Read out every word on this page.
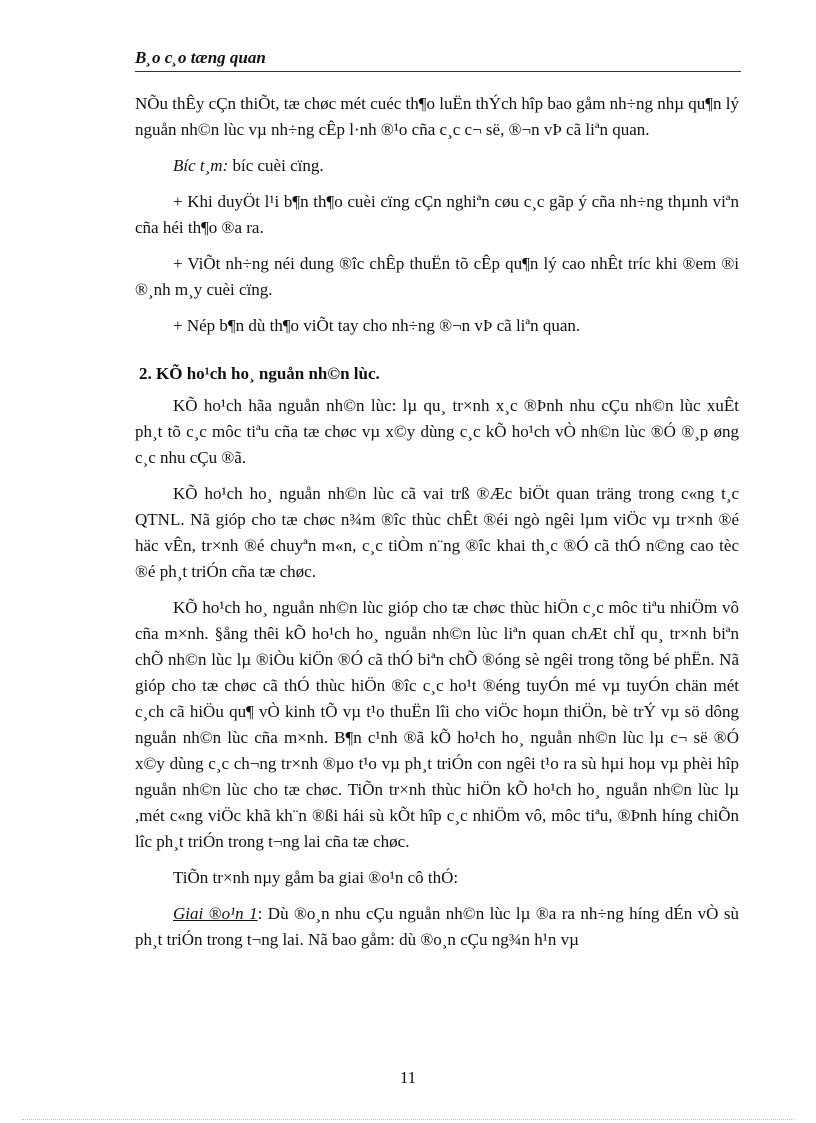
B¸o c¸o tæng quan

NÕu thÊy cÇn thiÕt, tæ chøc mét cuéc th¶o luËn thÝch hîp bao gåm nh÷ng nhµ qu¶n lý nguån nh©n lùc vµ nh÷ng cÊp l·nh ®¹o cña c¸c c¬ së, ®¬n vÞ cã liªn quan.

Bíc t¸m: bíc cuèi cïng.

+ Khi duyÖt l¹i b¶n th¶o cuèi cïng cÇn nghiªn cøu c¸c gãp ý cña nh÷ng thµnh viªn cña héi th¶o ®a ra.

+ ViÕt nh÷ng néi dung ®îc chÊp thuËn tõ cÊp qu¶n lý cao nhÊt tríc khi ®em ®i ®¸nh m¸y cuèi cïng.

+ Nép b¶n dù th¶o viÕt tay cho nh÷ng ®¬n vÞ cã liªn quan.

2. KÕ ho¹ch ho¸ nguån nh©n lùc.

KÕ ho¹ch hãa nguån nh©n lùc: lµ qu¸ tr×nh x¸c ®Þnh nhu cÇu nh©n lùc xuÊt ph¸t tõ c¸c môc tiªu cña tæ chøc vµ x©y dùng c¸c kÕ ho¹ch vÒ nh©n lùc ®Ó ®¸p øng c¸c nhu cÇu ®ã.

KÕ ho¹ch ho¸ nguån nh©n lùc cã vai trß ®Æc biÖt quan träng trong c«ng t¸c QTNL. Nã gióp cho tæ chøc n¾m ®îc thùc chÊt ®éi ngò ngêi lµm viÖc vµ tr×nh ®é häc vÊn, tr×nh ®é chuyªn m«n, c¸c tiÒm n¨ng ®îc khai th¸c ®Ó cã thÓ n©ng cao tèc ®é ph¸t triÓn cña tæ chøc.

KÕ ho¹ch ho¸ nguån nh©n lùc gióp cho tæ chøc thùc hiÖn c¸c môc tiªu nhiÖm vô cña m×nh. §ång thêi kÕ ho¹ch ho¸ nguån nh©n lùc liªn quan chÆt chÏ qu¸ tr×nh biªn chÕ nh©n lùc lµ ®iÒu kiÖn ®Ó cã thÓ biªn chÕ ®óng sè ngêi trong tõng bé phËn. Nã gióp cho tæ chøc cã thÓ thùc hiÖn ®îc c¸c ho¹t ®éng tuyÓn mé vµ tuyÓn chän mét c¸ch cã hiÖu qu¶ vÒ kinh tÕ vµ t¹o thuËn lîi cho viÖc hoµn thiÖn, bè trÝ vµ sö dông nguån nh©n lùc cña m×nh. B¶n c¹nh ®ã kÕ ho¹ch ho¸ nguån nh©n lùc lµ c¬ së ®Ó x©y dùng c¸c ch¬ng tr×nh ®µo t¹o vµ ph¸t triÓn con ngêi t¹o ra sù hµi hoµ vµ phèi hîp nguån nh©n lùc cho tæ chøc. TiÕn tr×nh thùc hiÖn kÕ ho¹ch ho¸ nguån nh©n lùc lµ ,mét c«ng viÖc khã kh¨n ®ßi hái sù kÕt hîp c¸c nhiÖm vô, môc tiªu, ®Þnh híng chiÕn lîc ph¸t triÓn trong t¬ng lai cña tæ chøc.

TiÕn tr×nh nµy gåm ba giai ®o¹n cô thÓ:

Giai ®o¹n 1: Dù ®o¸n nhu cÇu nguån nh©n lùc lµ ®a ra nh÷ng híng dÉn vÒ sù ph¸t triÓn trong t¬ng lai. Nã bao gåm: dù ®o¸n cÇu ng¾n h¹n vµ

11
